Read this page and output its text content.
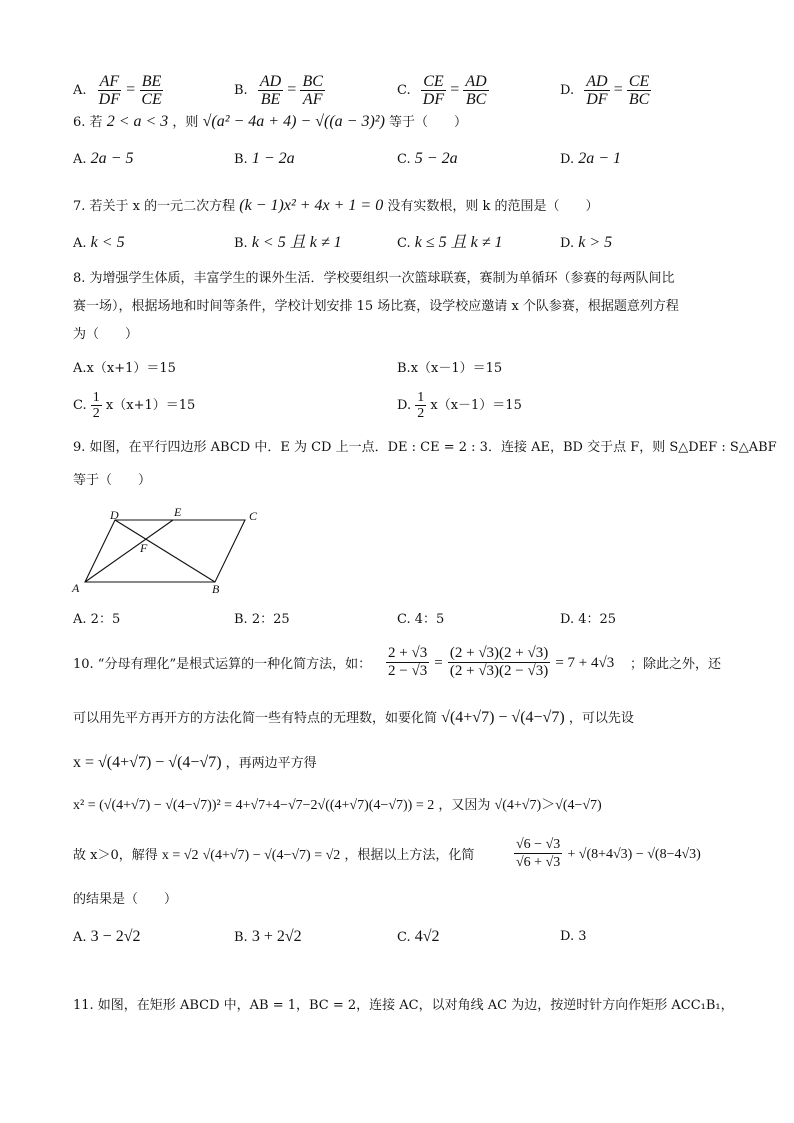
A. $\frac{AF}{DF} = \frac{BE}{CE}$	B. $\frac{AD}{BE} = \frac{BC}{AF}$	C. $\frac{CE}{DF} = \frac{AD}{BC}$	D. $\frac{AD}{DF} = \frac{CE}{BC}$
6. 若 2 < a < 3 ，则 √(a² − 4a + 4) − √((a − 3)²) 等于（　　）
A. 2a − 5	B. 1 − 2a	C. 5 − 2a	D. 2a − 1
7. 若关于 x 的一元二次方程 (k − 1)x² + 4x + 1 = 0 没有实数根，则 k 的范围是（　　）
A. k < 5	B. k < 5 且 k ≠ 1	C. k ≤ 5 且 k ≠ 1	D. k > 5
8. 为增强学生体质，丰富学生的课外生活．学校要组织一次篮球联赛，赛制为单循环（参赛的每两队间比
赛一场），根据场地和时间等条件，学校计划安排 15 场比赛，设学校应邀请 x 个队参赛，根据题意列方程
为（　　）
A.x（x+1）＝15	B.x（x－1）＝15
C. $\frac{1}{2} x(x+1)=15$	D. $\frac{1}{2} x(x-1)=15$
9. 如图，在平行四边形 ABCD 中．E 为 CD 上一点．DE : CE = 2 : 3．连接 AE，BD 交于点 F，则 S△DEF : S△ABF
等于（　　）
A	B
C
D	E
F
A. 2：5	B. 2：25	C. 4：5	D. 4：25
10. “分母有理化”是根式运算的一种化简方法，如： $\frac{2 + √3}{2 - √3} = \frac{(2 + √3)(2 + √3)}{(2 + √3)(2 - √3)} = 7 + 4√3$ ；除此之外，还
可以用先平方再开方的方法化简一些有特点的无理数，如要化简 √(4+√7) − √(4−√7) ，可以先设
x = √(4+√7) − √(4−√7) ，再两边平方得
x² = (√(4+√7) − √(4−√7))² = 4+√7+4−√7−2√((4+√7)(4−√7)) = 2 ，又因为 √(4+√7)＞√(4−√7)
故 x＞0，解得 x = √2 √(4+√7) − √(4−√7) = √2 ，根据以上方法，化简	$\frac{√6 - √3}{√6 + √3} + √(8+4√3) - √(8-4√3)$
的结果是（　　）
A. 3 − 2√2	B. 3 + 2√2	C. 4√2	D. 3
11. 如图，在矩形 ABCD 中，AB = 1，BC = 2，连接 AC，以对角线 AC 为边，按逆时针方向作矩形 ACC₁B₁，
